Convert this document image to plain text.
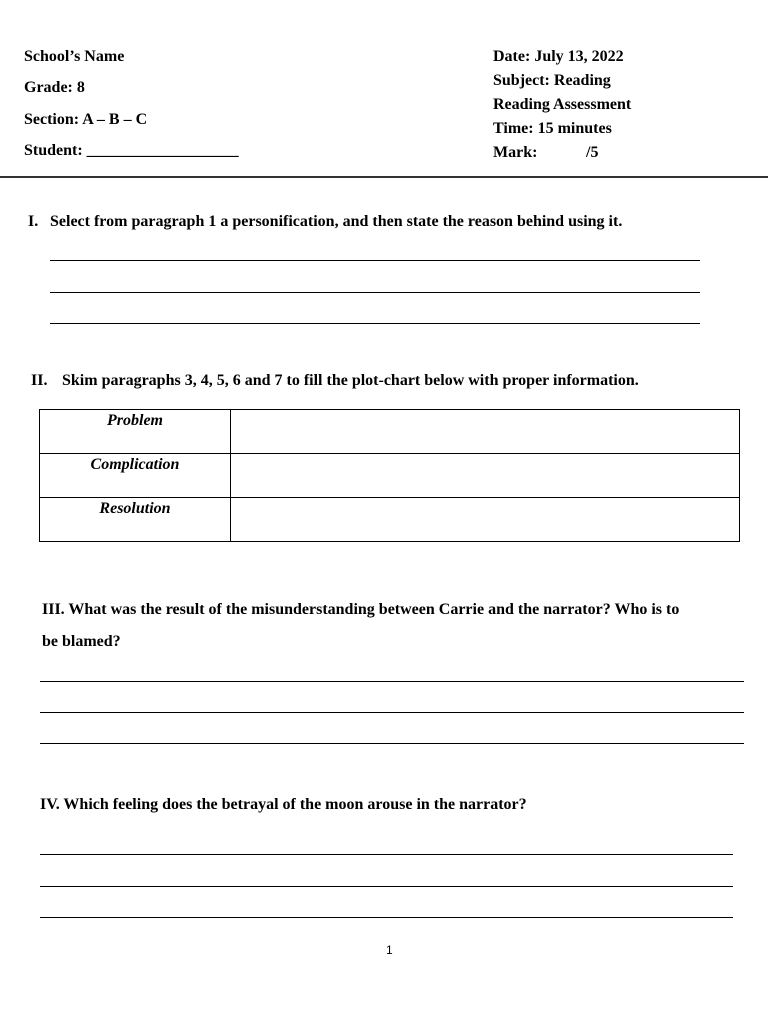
School’s Name
Grade: 8
Section: A – B – C
Student: ___________________
Date: July 13, 2022
Subject: Reading
Reading Assessment
Time: 15 minutes
Mark:	/5
I. Select from paragraph 1 a personification, and then state the reason behind using it.
II. Skim paragraphs 3, 4, 5, 6 and 7 to fill the plot-chart below with proper information.
Problem	
Complication	
Resolution	
III. What was the result of the misunderstanding between Carrie and the narrator? Who is to
be blamed?
IV. Which feeling does the betrayal of the moon arouse in the narrator?
1
